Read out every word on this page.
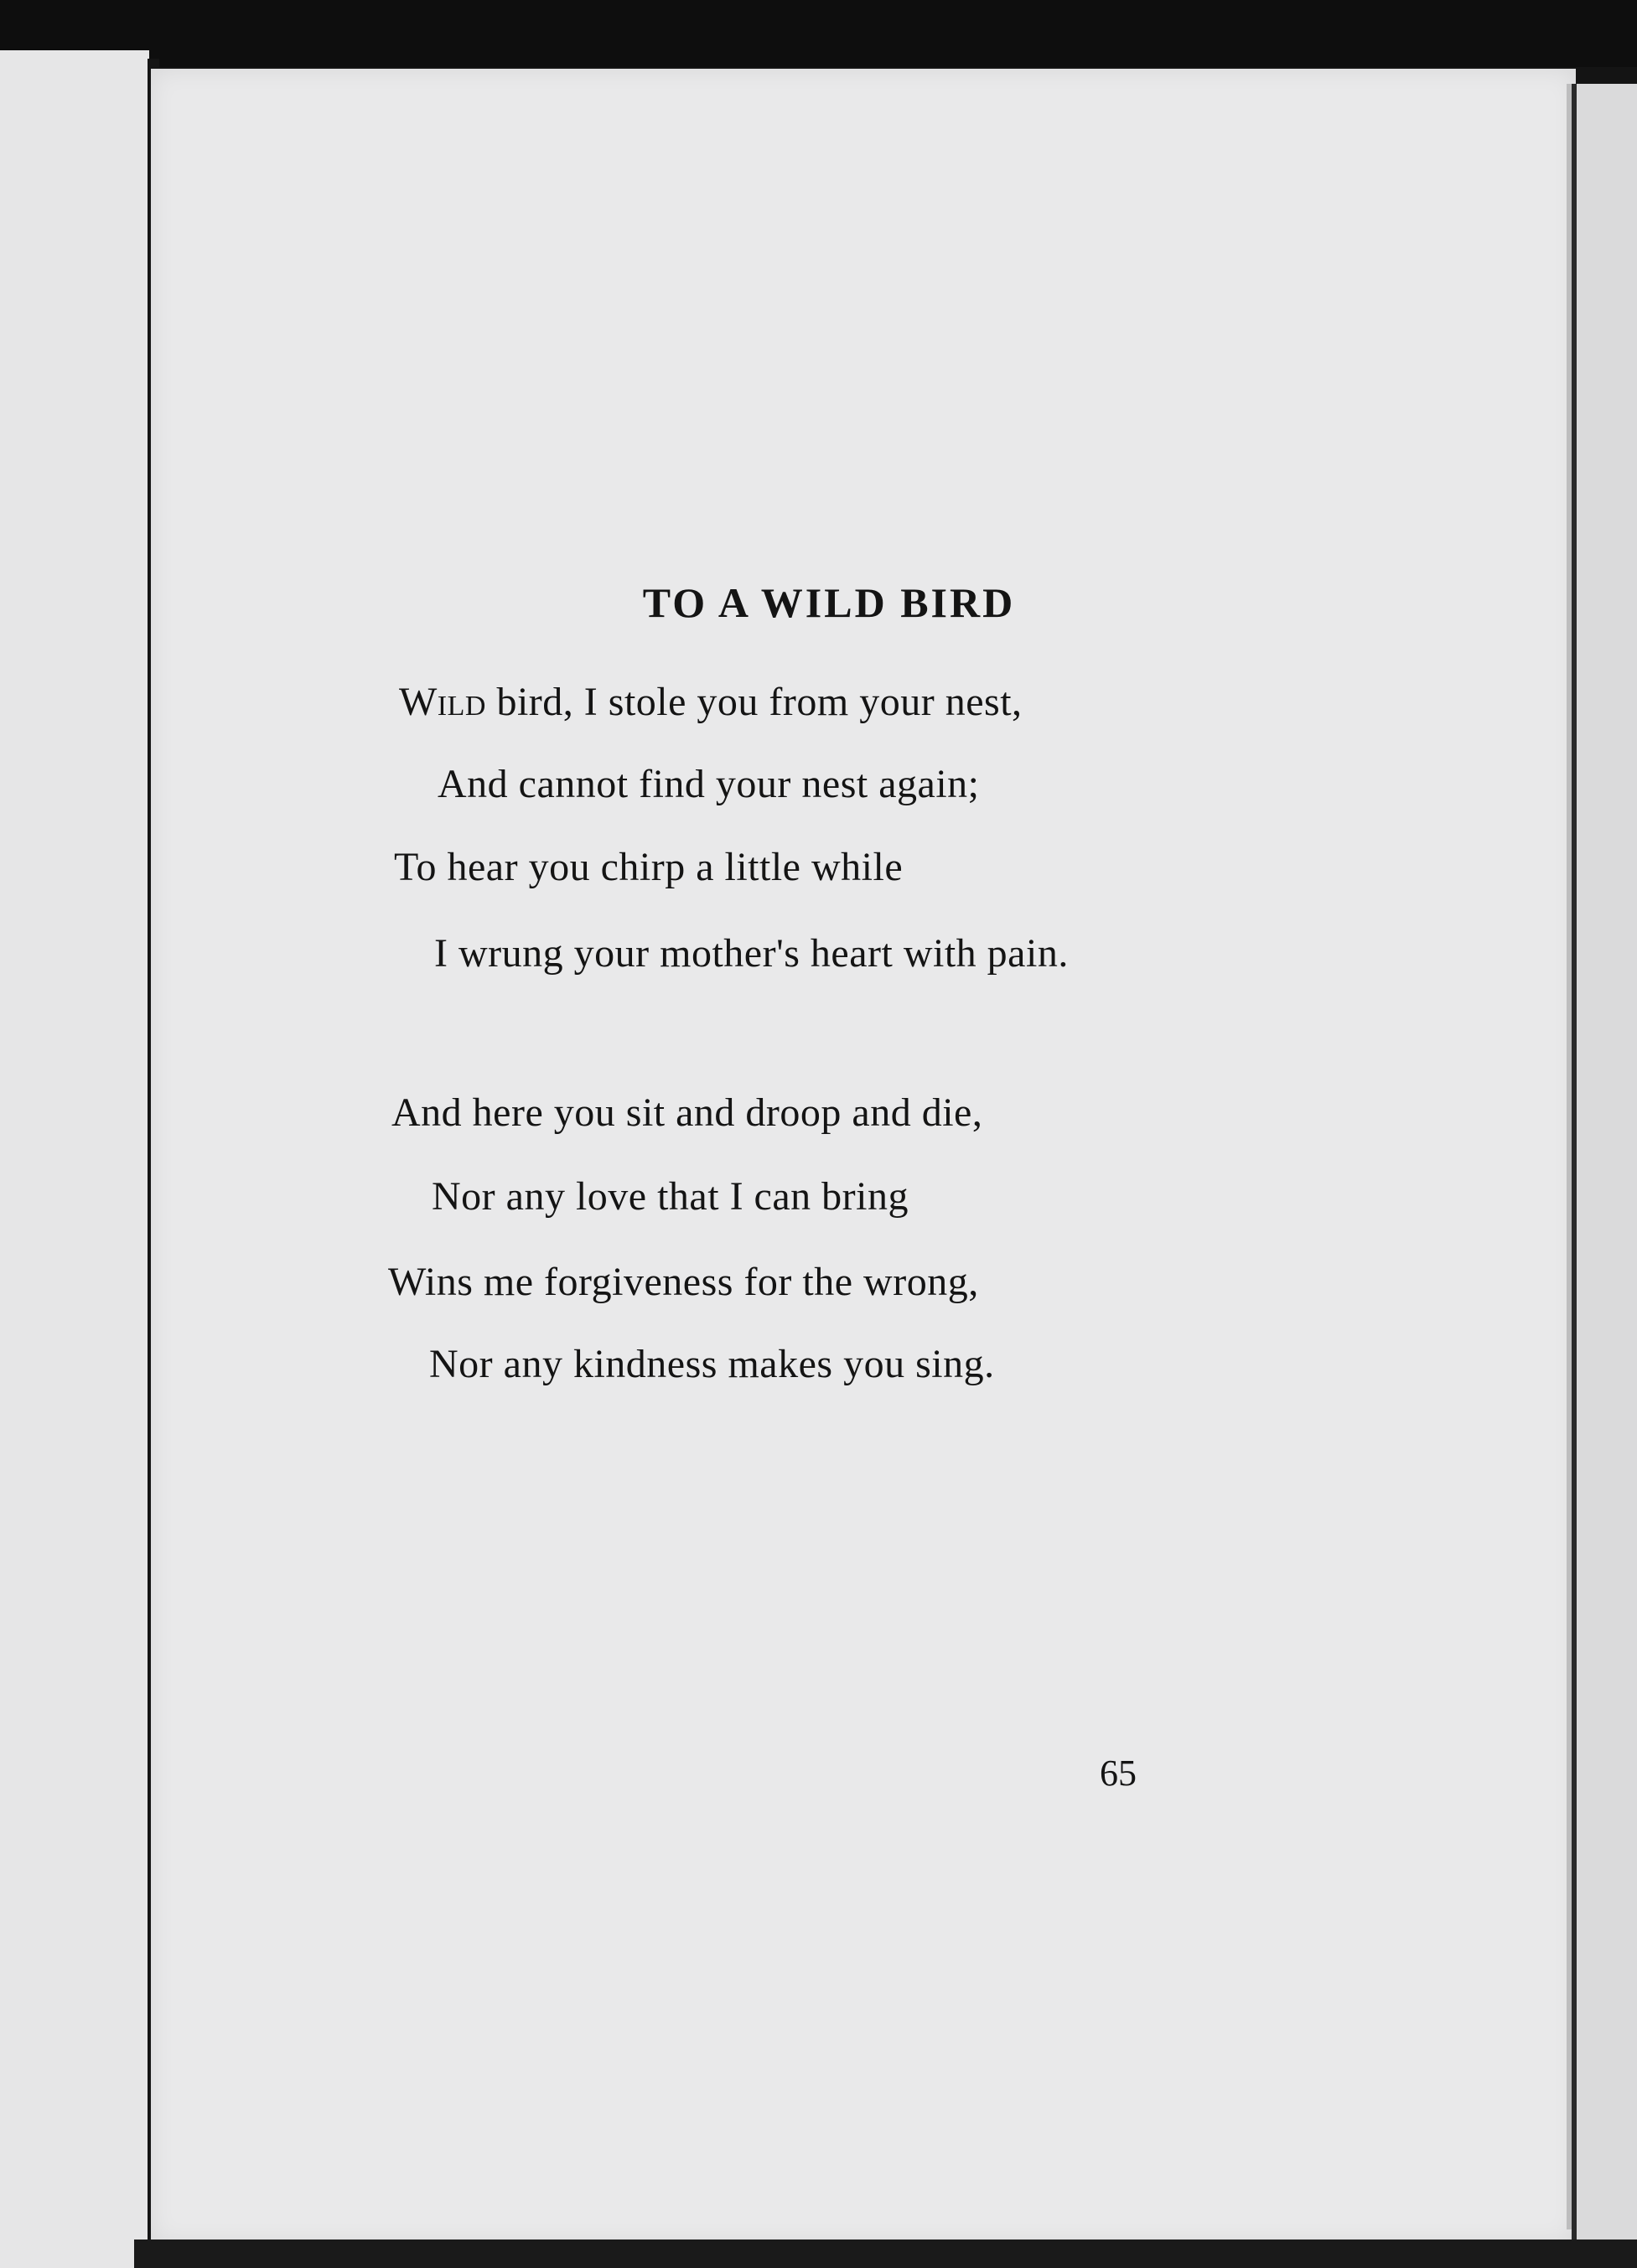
TO A WILD BIRD
Wild bird, I stole you from your nest,
And cannot find your nest again;
To hear you chirp a little while
I wrung your mother's heart with pain.
And here you sit and droop and die,
Nor any love that I can bring
Wins me forgiveness for the wrong,
Nor any kindness makes you sing.
65
